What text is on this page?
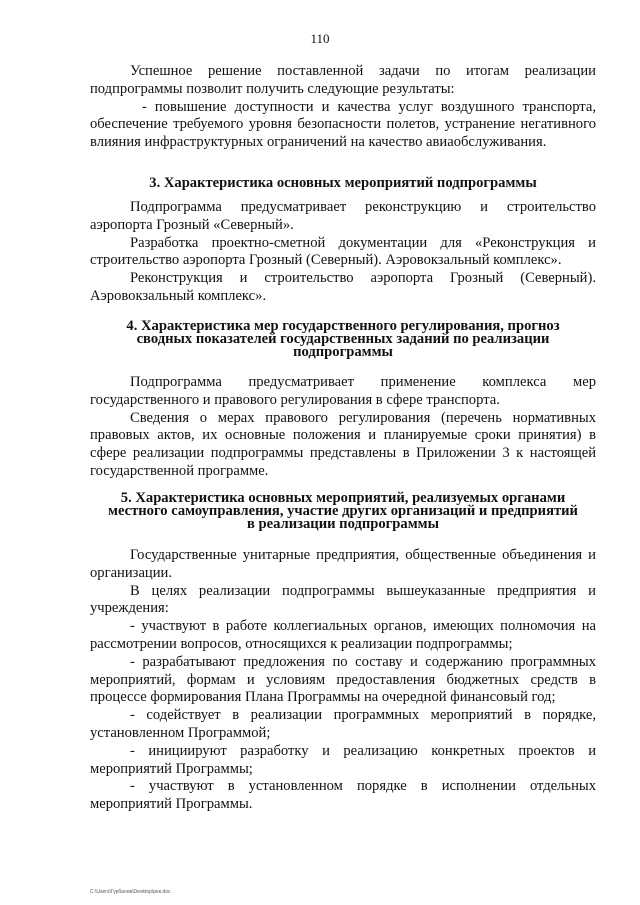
110

Успешное решение поставленной задачи по итогам реализации подпрограммы позволит получить следующие результаты:

- повышение доступности и качества услуг воздушного транспорта, обеспечение требуемого уровня безопасности полетов, устранение негативного влияния инфраструктурных ограничений на качество авиаобслуживания.

3. Характеристика основных мероприятий подпрограммы

Подпрограмма предусматривает реконструкцию и строительство аэропорта Грозный «Северный».

Разработка проектно-сметной документации для «Реконструкция и строительство аэропорта Грозный (Северный). Аэровокзальный комплекс».

Реконструкция и строительство аэропорта Грозный (Северный). Аэровокзальный комплекс».

4. Характеристика мер государственного регулирования, прогноз
сводных показателей государственных заданий по реализации
подпрограммы

Подпрограмма предусматривает применение комплекса мер государственного и правового регулирования в сфере транспорта.

Сведения о мерах правового регулирования (перечень нормативных правовых актов, их основные положения и планируемые сроки принятия) в сфере реализации подпрограммы представлены в Приложении 3 к настоящей государственной программе.

5. Характеристика основных мероприятий, реализуемых органами
местного самоуправления, участие других организаций и предприятий
в реализации подпрограммы

Государственные унитарные предприятия, общественные объединения и организации.

В целях реализации подпрограммы вышеуказанные предприятия и учреждения:

- участвуют в работе коллегиальных органов, имеющих полномочия на рассмотрении вопросов, относящихся к реализации подпрограммы;

- разрабатывают предложения по составу и содержанию программных мероприятий, формам и условиям предоставления бюджетных средств в процессе формирования Плана Программы на очередной финансовый год;

- содействует в реализации программных мероприятий в порядке, установленном Программой;

- инициируют разработку и реализацию конкретных проектов и мероприятий Программы;

- участвуют в установленном порядке в исполнении отдельных мероприятий Программы.

С:\Users\Гурбанов\Desktop\рек.doc
